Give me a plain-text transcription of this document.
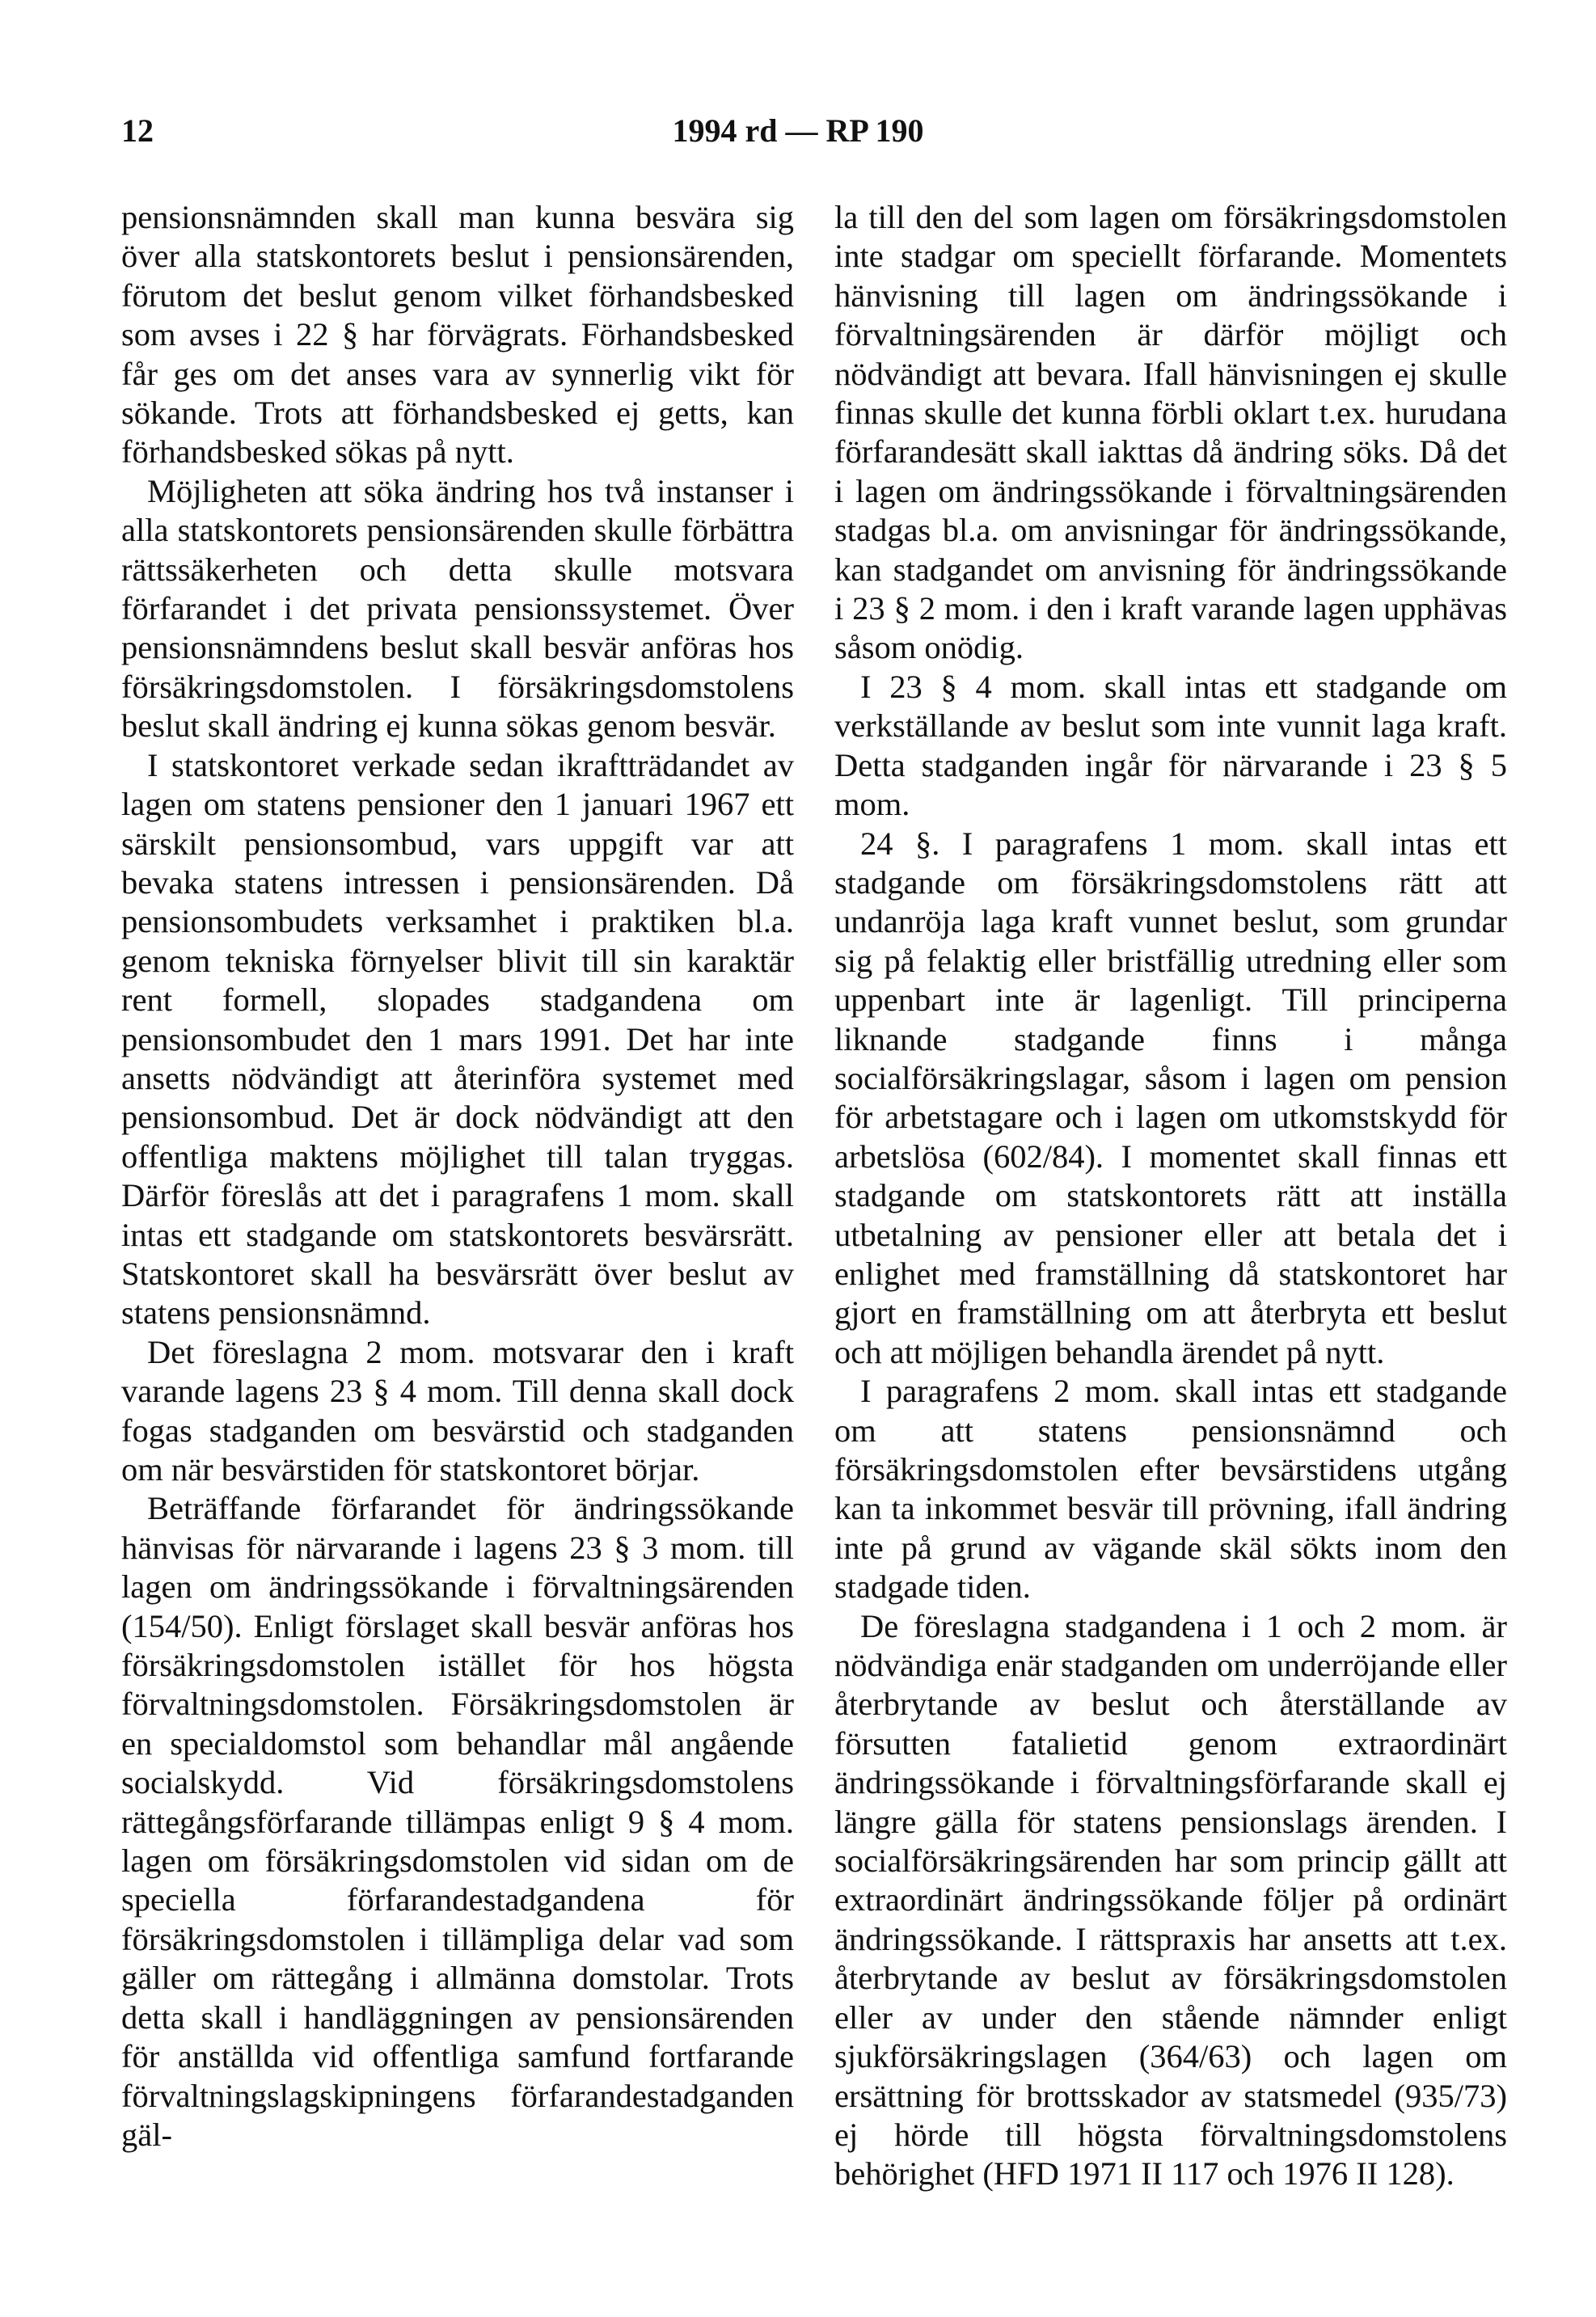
12	1994 rd — RP 190

pensionsnämnden skall man kunna besvära sig över alla statskontorets beslut i pensionsärenden, förutom det beslut genom vilket förhandsbesked som avses i 22 § har förvägrats. Förhandsbesked får ges om det anses vara av synnerlig vikt för sökande. Trots att förhandsbesked ej getts, kan förhandsbesked sökas på nytt.

Möjligheten att söka ändring hos två instanser i alla statskontorets pensionsärenden skulle förbättra rättssäkerheten och detta skulle motsvara förfarandet i det privata pensionssystemet. Över pensionsnämndens beslut skall besvär anföras hos försäkringsdomstolen. I försäkringsdomstolens beslut skall ändring ej kunna sökas genom besvär.

I statskontoret verkade sedan ikraftträdandet av lagen om statens pensioner den 1 januari 1967 ett särskilt pensionsombud, vars uppgift var att bevaka statens intressen i pensionsärenden. Då pensionsombudets verksamhet i praktiken bl.a. genom tekniska förnyelser blivit till sin karaktär rent formell, slopades stadgandena om pensionsombudet den 1 mars 1991. Det har inte ansetts nödvändigt att återinföra systemet med pensionsombud. Det är dock nödvändigt att den offentliga maktens möjlighet till talan tryggas. Därför föreslås att det i paragrafens 1 mom. skall intas ett stadgande om statskontorets besvärsrätt. Statskontoret skall ha besvärsrätt över beslut av statens pensionsnämnd.

Det föreslagna 2 mom. motsvarar den i kraft varande lagens 23 § 4 mom. Till denna skall dock fogas stadganden om besvärstid och stadganden om när besvärstiden för statskontoret börjar.

Beträffande förfarandet för ändringssökande hänvisas för närvarande i lagens 23 § 3 mom. till lagen om ändringssökande i förvaltningsärenden (154/50). Enligt förslaget skall besvär anföras hos försäkringsdomstolen istället för hos högsta förvaltningsdomstolen. Försäkringsdomstolen är en specialdomstol som behandlar mål angående socialskydd. Vid försäkringsdomstolens rättegångsförfarande tillämpas enligt 9 § 4 mom. lagen om försäkringsdomstolen vid sidan om de speciella förfarandestadgandena för försäkringsdomstolen i tillämpliga delar vad som gäller om rättegång i allmänna domstolar. Trots detta skall i handläggningen av pensionsärenden för anställda vid offentliga samfund fortfarande förvaltningslagskipningens förfarandestadganden gäl-

la till den del som lagen om försäkringsdomstolen inte stadgar om speciellt förfarande. Momentets hänvisning till lagen om ändringssökande i förvaltningsärenden är därför möjligt och nödvändigt att bevara. Ifall hänvisningen ej skulle finnas skulle det kunna förbli oklart t.ex. hurudana förfarandesätt skall iakttas då ändring söks. Då det i lagen om ändringssökande i förvaltningsärenden stadgas bl.a. om anvisningar för ändringssökande, kan stadgandet om anvisning för ändringssökande i 23 § 2 mom. i den i kraft varande lagen upphävas såsom onödig.

I 23 § 4 mom. skall intas ett stadgande om verkställande av beslut som inte vunnit laga kraft. Detta stadganden ingår för närvarande i 23 § 5 mom.

24 §. I paragrafens 1 mom. skall intas ett stadgande om försäkringsdomstolens rätt att undanröja laga kraft vunnet beslut, som grundar sig på felaktig eller bristfällig utredning eller som uppenbart inte är lagenligt. Till principerna liknande stadgande finns i många socialförsäkringslagar, såsom i lagen om pension för arbetstagare och i lagen om utkomstskydd för arbetslösa (602/84). I momentet skall finnas ett stadgande om statskontorets rätt att inställa utbetalning av pensioner eller att betala det i enlighet med framställning då statskontoret har gjort en framställning om att återbryta ett beslut och att möjligen behandla ärendet på nytt.

I paragrafens 2 mom. skall intas ett stadgande om att statens pensionsnämnd och försäkringsdomstolen efter bevsärstidens utgång kan ta inkommet besvär till prövning, ifall ändring inte på grund av vägande skäl sökts inom den stadgade tiden.

De föreslagna stadgandena i 1 och 2 mom. är nödvändiga enär stadganden om underröjande eller återbrytande av beslut och återställande av försutten fatalietid genom extraordinärt ändringssökande i förvaltningsförfarande skall ej längre gälla för statens pensionslags ärenden. I socialförsäkringsärenden har som princip gällt att extraordinärt ändringssökande följer på ordinärt ändringssökande. I rättspraxis har ansetts att t.ex. återbrytande av beslut av försäkringsdomstolen eller av under den stående nämnder enligt sjukförsäkringslagen (364/63) och lagen om ersättning för brottsskador av statsmedel (935/73) ej hörde till högsta förvaltningsdomstolens behörighet (HFD 1971 II 117 och 1976 II 128).
